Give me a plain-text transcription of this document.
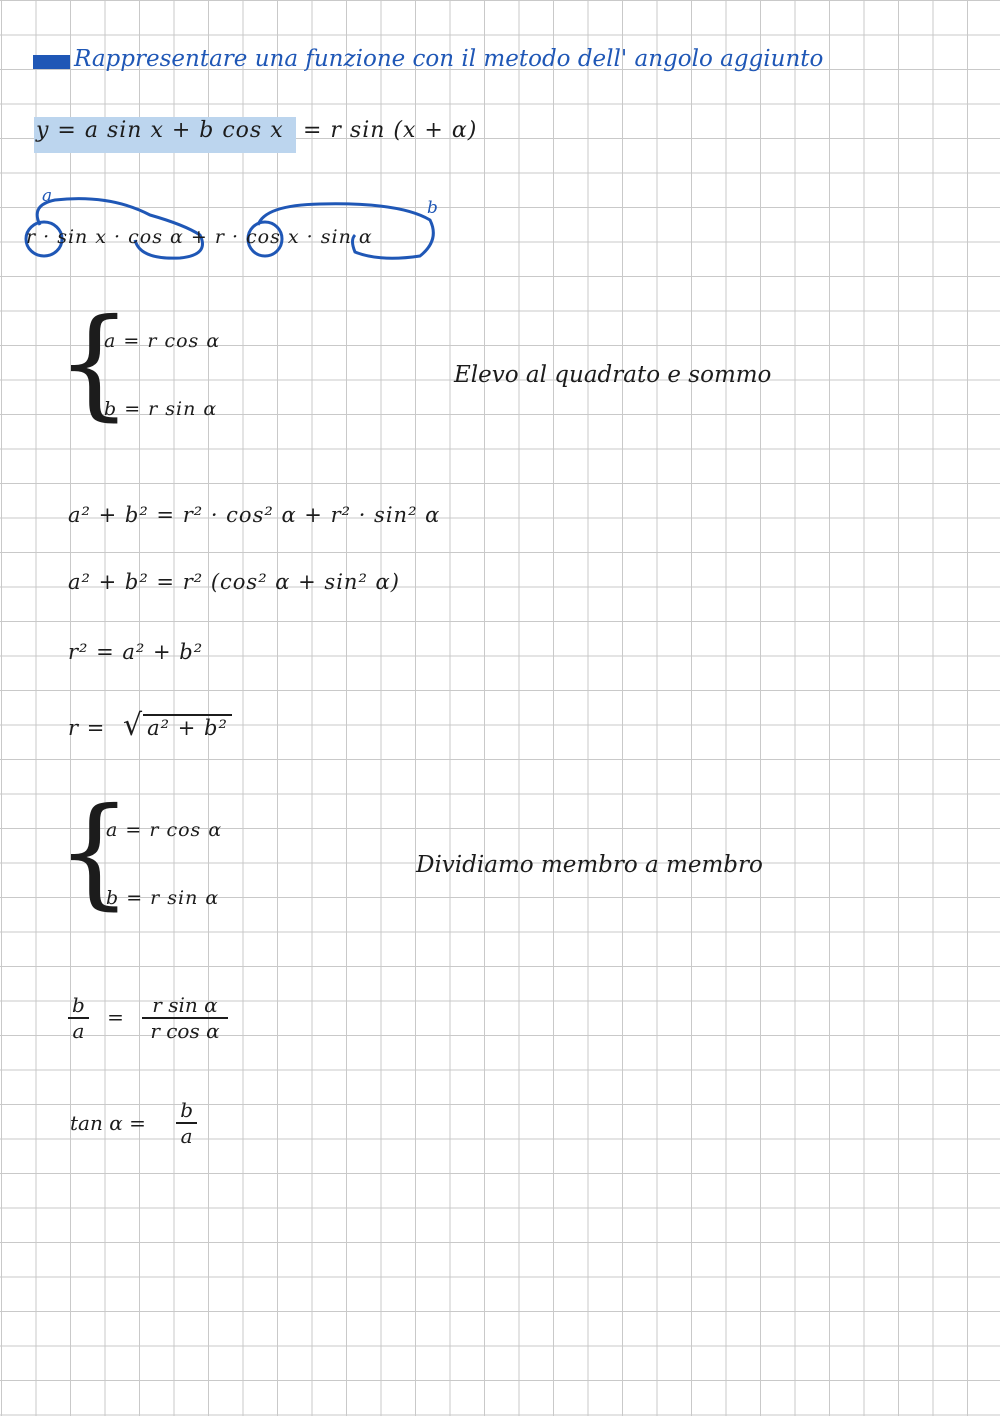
Rappresentare una funzione con il metodo dell' angolo aggiunto
y = a sin x + b cos x = r sin (x + α)
a
b
r · sin x · cos α + r · cos x · sin α
{
a = r cos α
b = r sin α
Elevo al quadrato e sommo
a² + b² = r² · cos² α + r² · sin² α
a² + b² = r² (cos² α + sin² α)
r² = a² + b²
r = √ a² + b²
{
a = r cos α
b = r sin α
Dividiamo membro a membro
$\frac{b}{a} = \frac{\text{r sin α}}{\text{r cos α}}$
$\tan \alpha = \frac{b}{a}$
